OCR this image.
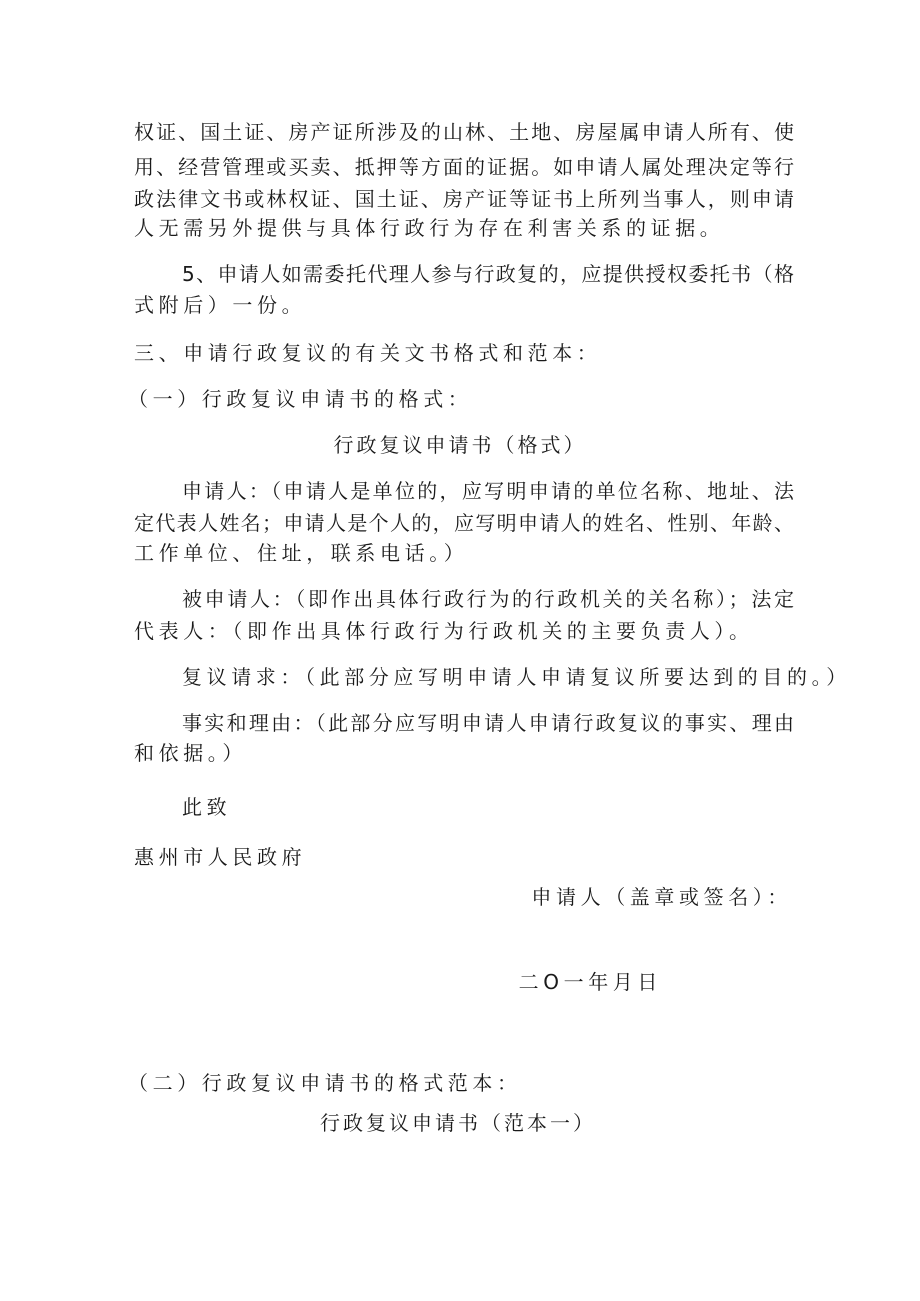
权证、国土证、房产证所涉及的山林、土地、房屋属申请人所有、使
用、经营管理或买卖、抵押等方面的证据。如申请人属处理决定等行
政法律文书或林权证、国土证、房产证等证书上所列当事人，则申请
人无需另外提供与具体行政行为存在利害关系的证据。
5、申请人如需委托代理人参与行政复的，应提供授权委托书（格
式附后）一份。
三、申请行政复议的有关文书格式和范本：
（一）行政复议申请书的格式：
行政复议申请书（格式）
申请人：（申请人是单位的，应写明申请的单位名称、地址、法
定代表人姓名；申请人是个人的，应写明申请人的姓名、性别、年龄、
工作单位、住址，联系电话。）
被申请人：（即作出具体行政行为的行政机关的关名称）；法定
代表人：（即作出具体行政行为行政机关的主要负责人）。
复议请求：（此部分应写明申请人申请复议所要达到的目的。）
事实和理由：（此部分应写明申请人申请行政复议的事实、理由
和依据。）
此致
惠州市人民政府
申请人（盖章或签名）：
二O一年月日
（二）行政复议申请书的格式范本：
行政复议申请书（范本一）
